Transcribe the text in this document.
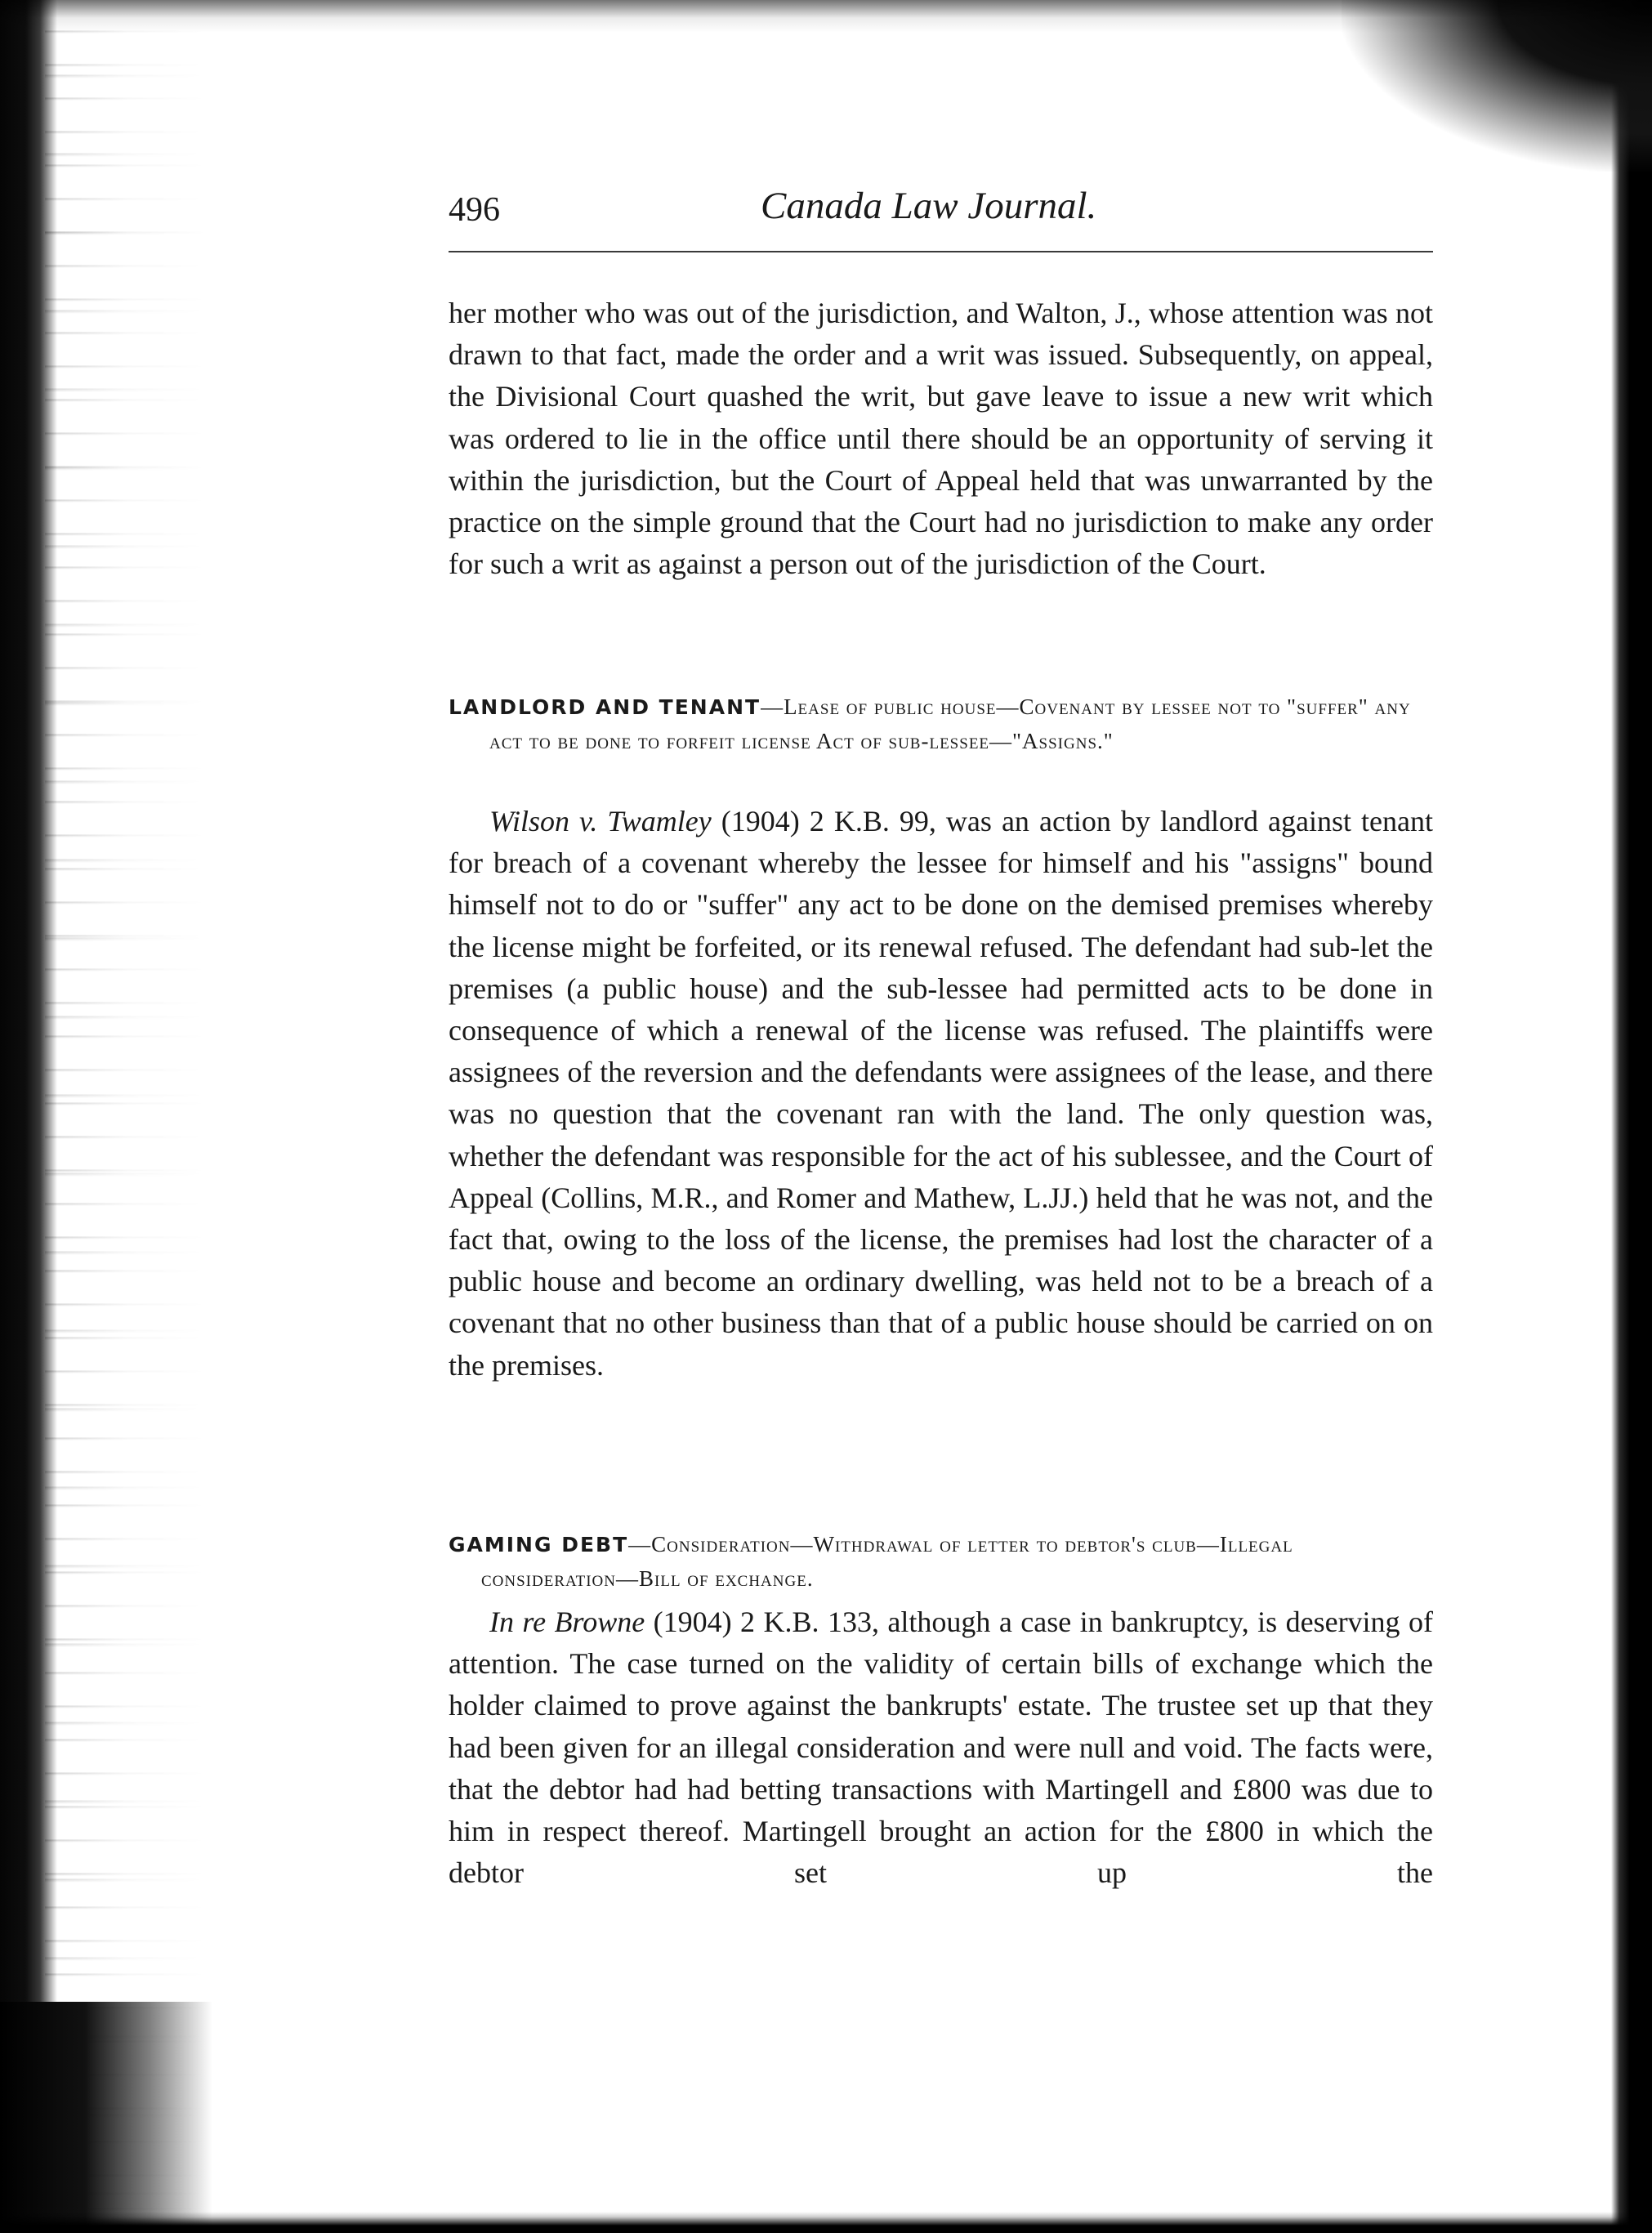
496	Canada Law Journal.

her mother who was out of the jurisdiction, and Walton, J., whose attention was not drawn to that fact, made the order and a writ was issued. Subsequently, on appeal, the Divisional Court quashed the writ, but gave leave to issue a new writ which was ordered to lie in the office until there should be an opportunity of serving it within the jurisdiction, but the Court of Appeal held that was unwarranted by the practice on the simple ground that the Court had no jurisdiction to make any order for such a writ as against a person out of the jurisdiction of the Court.

LANDLORD AND TENANT—Lease of public house—Covenant by lessee not to "suffer" any act to be done to forfeit license Act of sub-lessee—"Assigns."

Wilson v. Twamley (1904) 2 K.B. 99, was an action by landlord against tenant for breach of a covenant whereby the lessee for himself and his "assigns" bound himself not to do or "suffer" any act to be done on the demised premises whereby the license might be forfeited, or its renewal refused. The defendant had sub-let the premises (a public house) and the sub-lessee had permitted acts to be done in consequence of which a renewal of the license was refused. The plaintiffs were assignees of the reversion and the defendants were assignees of the lease, and there was no question that the covenant ran with the land. The only question was, whether the defendant was responsible for the act of his sublessee, and the Court of Appeal (Collins, M.R., and Romer and Mathew, L.JJ.) held that he was not, and the fact that, owing to the loss of the license, the premises had lost the character of a public house and become an ordinary dwelling, was held not to be a breach of a covenant that no other business than that of a public house should be carried on on the premises.

GAMING DEBT—Consideration—Withdrawal of letter to debtor's club—Illegal consideration—Bill of exchange.

In re Browne (1904) 2 K.B. 133, although a case in bankruptcy, is deserving of attention. The case turned on the validity of certain bills of exchange which the holder claimed to prove against the bankrupts' estate. The trustee set up that they had been given for an illegal consideration and were null and void. The facts were, that the debtor had had betting transactions with Martingell and £800 was due to him in respect thereof. Martingell brought an action for the £800 in which the debtor set up the
